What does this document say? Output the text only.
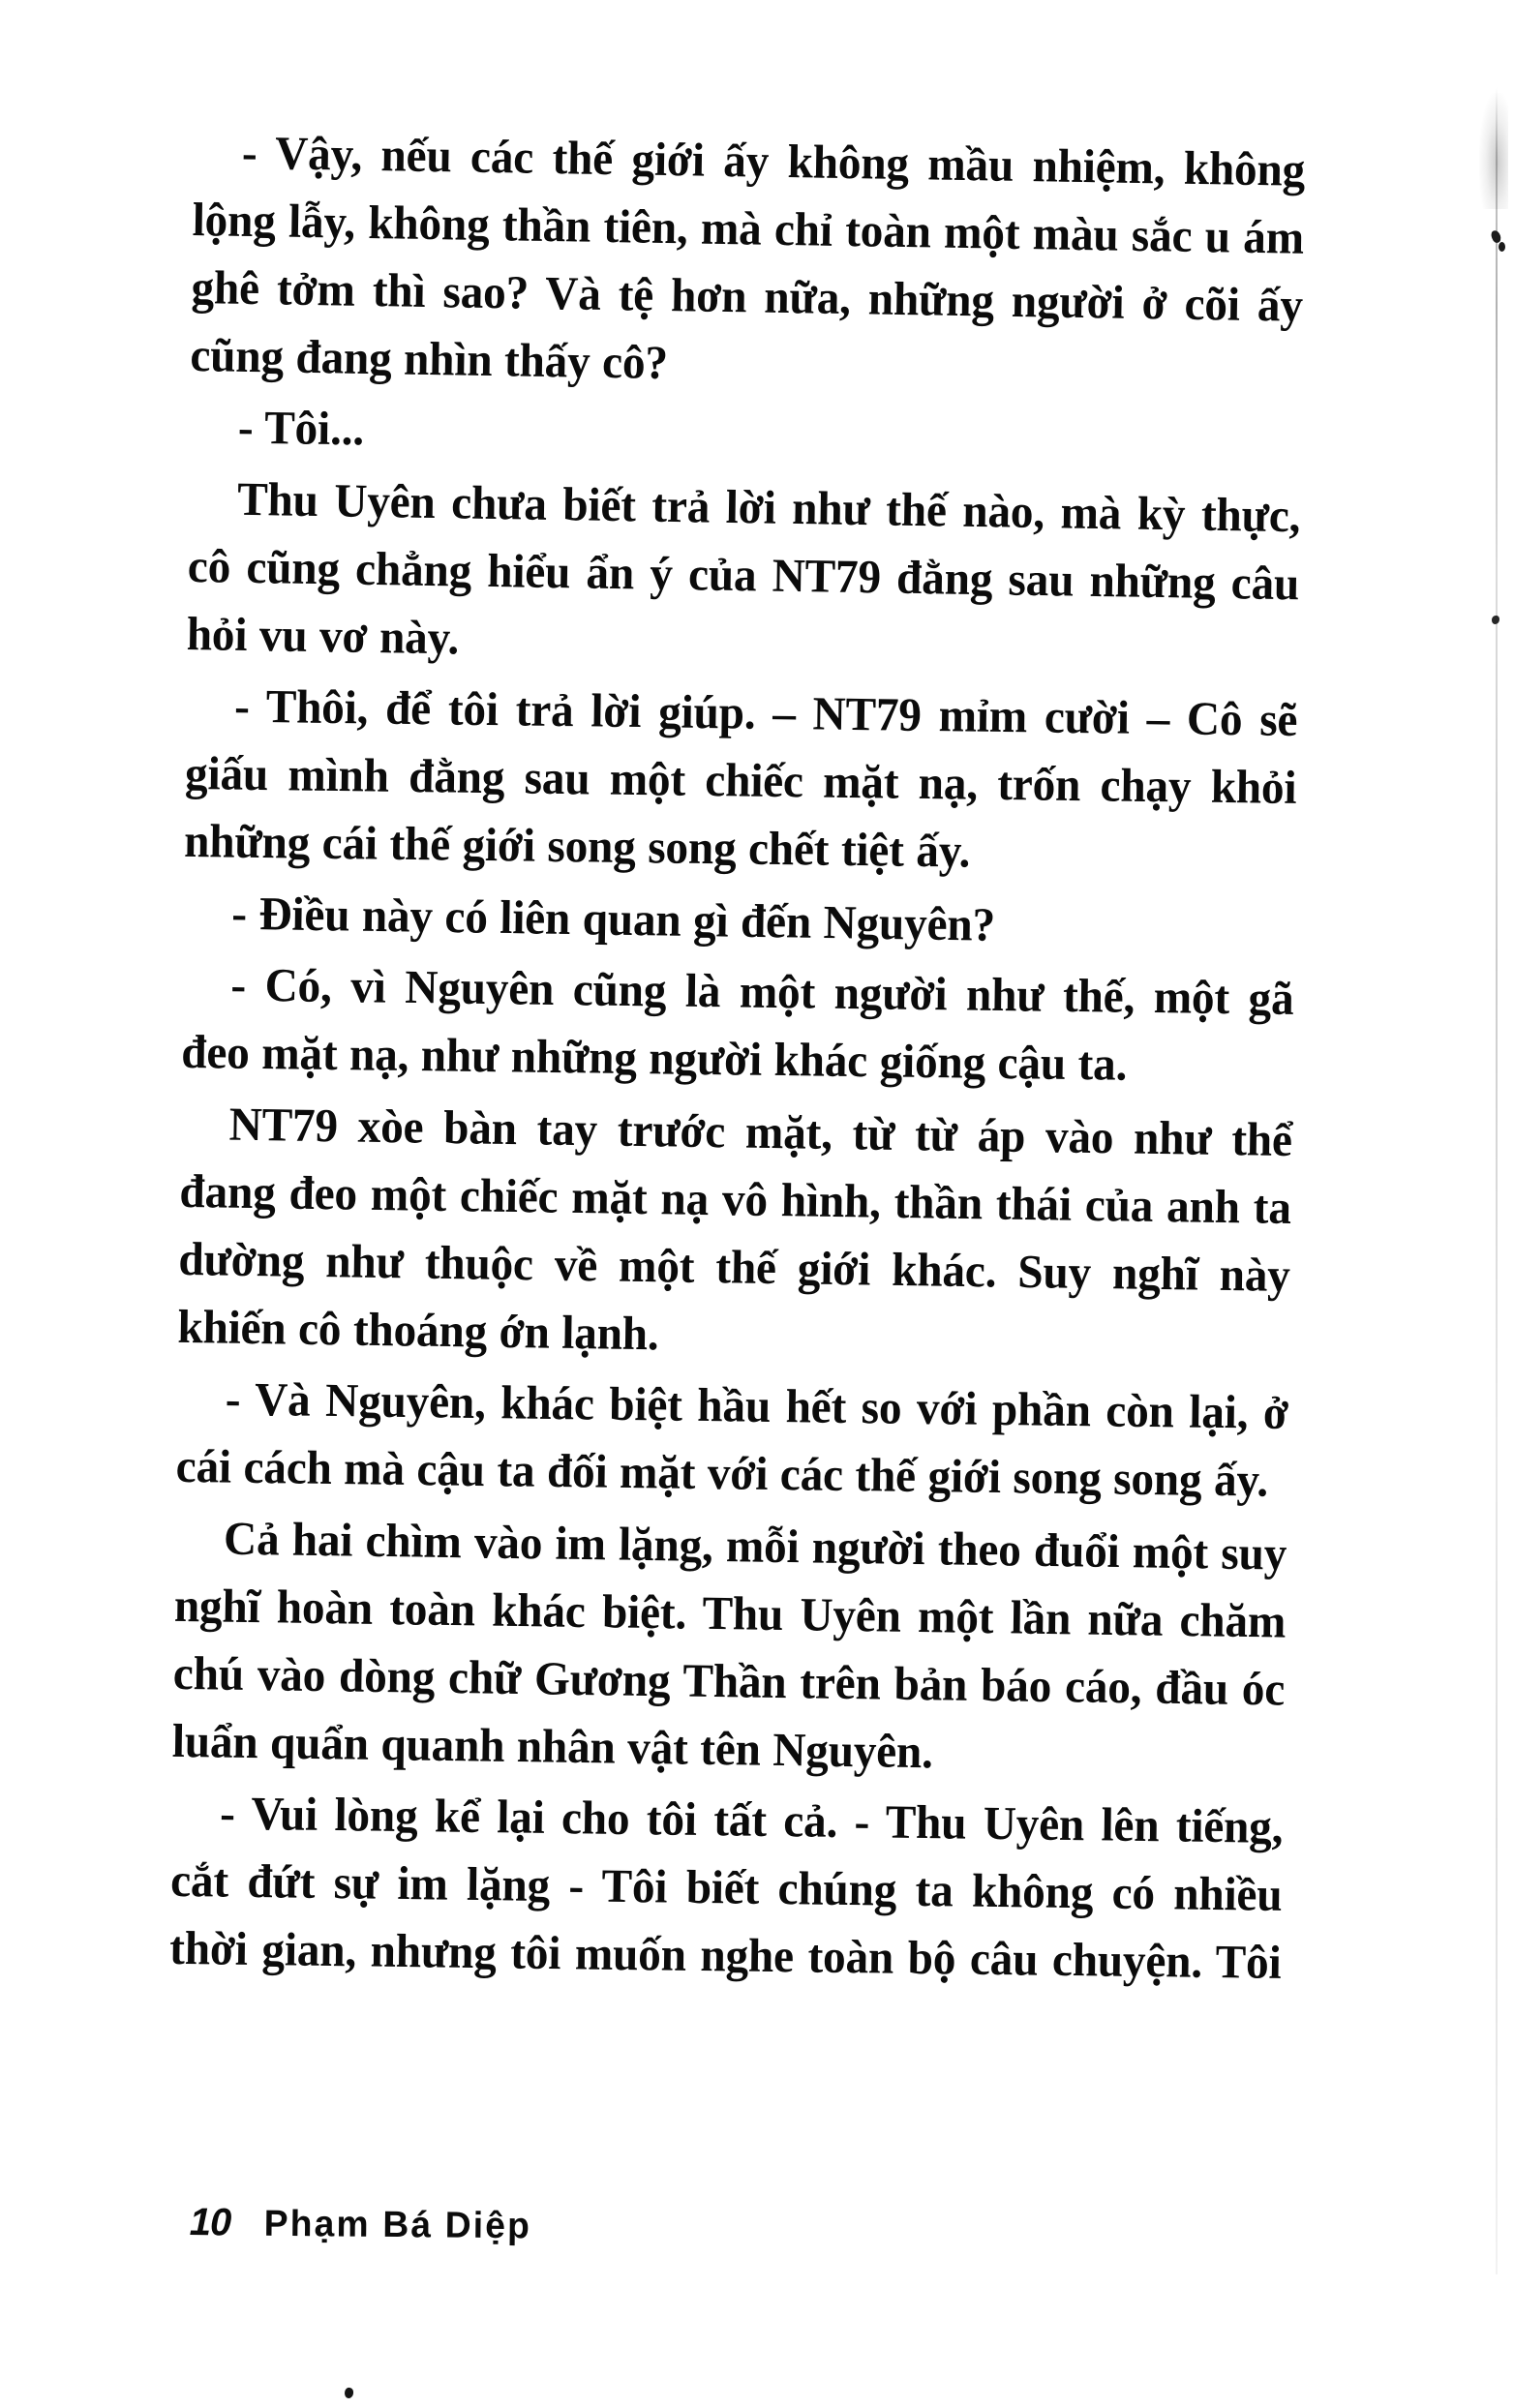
- Vậy, nếu các thế giới ấy không mầu nhiệm, không lộng lẫy, không thần tiên, mà chỉ toàn một màu sắc u ám ghê tởm thì sao? Và tệ hơn nữa, những người ở cõi ấy cũng đang nhìn thấy cô?

- Tôi...

Thu Uyên chưa biết trả lời như thế nào, mà kỳ thực, cô cũng chẳng hiểu ẩn ý của NT79 đằng sau những câu hỏi vu vơ này.

- Thôi, để tôi trả lời giúp. – NT79 mỉm cười – Cô sẽ giấu mình đằng sau một chiếc mặt nạ, trốn chạy khỏi những cái thế giới song song chết tiệt ấy.

- Điều này có liên quan gì đến Nguyên?

- Có, vì Nguyên cũng là một người như thế, một gã đeo mặt nạ, như những người khác giống cậu ta.

NT79 xòe bàn tay trước mặt, từ từ áp vào như thể đang đeo một chiếc mặt nạ vô hình, thần thái của anh ta dường như thuộc về một thế giới khác. Suy nghĩ này khiến cô thoáng ớn lạnh.

- Và Nguyên, khác biệt hầu hết so với phần còn lại, ở cái cách mà cậu ta đối mặt với các thế giới song song ấy.

Cả hai chìm vào im lặng, mỗi người theo đuổi một suy nghĩ hoàn toàn khác biệt. Thu Uyên một lần nữa chăm chú vào dòng chữ Gương Thần trên bản báo cáo, đầu óc luẩn quẩn quanh nhân vật tên Nguyên.

- Vui lòng kể lại cho tôi tất cả. - Thu Uyên lên tiếng, cắt đứt sự im lặng - Tôi biết chúng ta không có nhiều thời gian, nhưng tôi muốn nghe toàn bộ câu chuyện. Tôi

10 Phạm Bá Diệp
